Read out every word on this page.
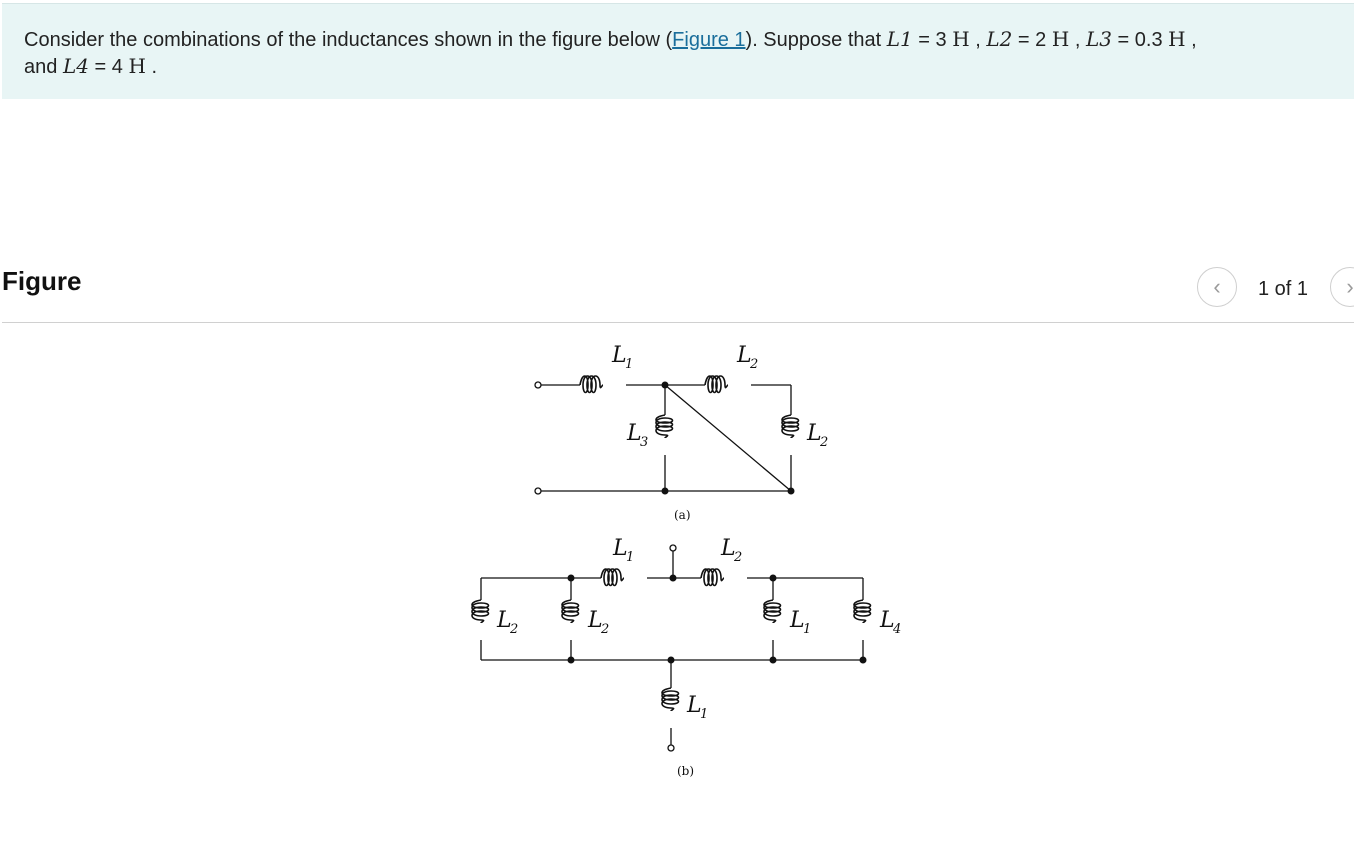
Consider the combinations of the inductances shown in the figure below (Figure 1). Suppose that L1 = 3 H , L2 = 2 H , L3 = 0.3 H ,
and L4 = 4 H .
Figure	‹ 1 of 1 ›
L
1	L
2
L
3	L
2
(a)
L
1	L
2
L
2	L
2	L
1	L
4
L
1
(b)
